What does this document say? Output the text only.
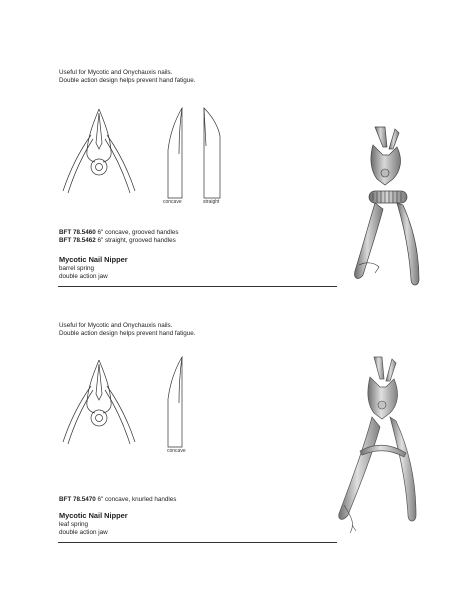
Useful for Mycotic and Onychauxis nails.
Double action design helps prevent hand fatigue.
concave	straight
BFT 78.5460 6" concave, grooved handles
BFT 78.5462 6" straight, grooved handles
Mycotic Nail Nipper
barrel spring
double action jaw
Useful for Mycotic and Onychauxis nails.
Double action design helps prevent hand fatigue.
concave
BFT 78.5470 6" concave, knurled handles
Mycotic Nail Nipper
leaf spring
double action jaw
